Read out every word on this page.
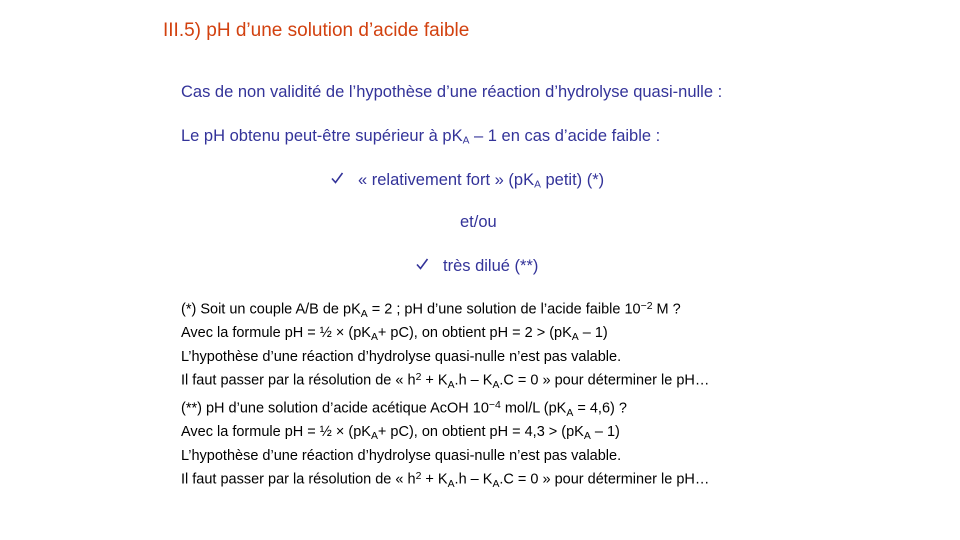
III.5) pH d’une solution d’acide faible
Cas de non validité de l’hypothèse d’une réaction d’hydrolyse quasi-nulle :
Le pH obtenu peut-être supérieur à pKA – 1 en cas d’acide faible :
« relativement fort » (pKA petit) (*)
et/ou
très dilué (**)
(*) Soit un couple A/B de $pK_A = 2$ ; pH d’une solution de l’acide faible $10^{-2}$ M ?
Avec la formule pH = ½ × $(pK_A+ pC)$, on obtient pH = $2 > (pK_A - 1)$
L’hypothèse d’une réaction d’hydrolyse quasi-nulle n’est pas valable.
Il faut passer par la résolution de « $h^2 + K_A.h - K_A.C = 0$ » pour déterminer le pH…
(**) pH d’une solution d’acide acétique AcOH $10^{-4}$ mol/L $(pK_A = 4,6)$ ?
Avec la formule pH = ½ × $(pK_A+ pC)$, on obtient pH = $4,3 > (pK_A - 1)$
L’hypothèse d’une réaction d’hydrolyse quasi-nulle n’est pas valable.
Il faut passer par la résolution de « $h^2 + K_A.h - K_A.C = 0$ » pour déterminer le pH…
